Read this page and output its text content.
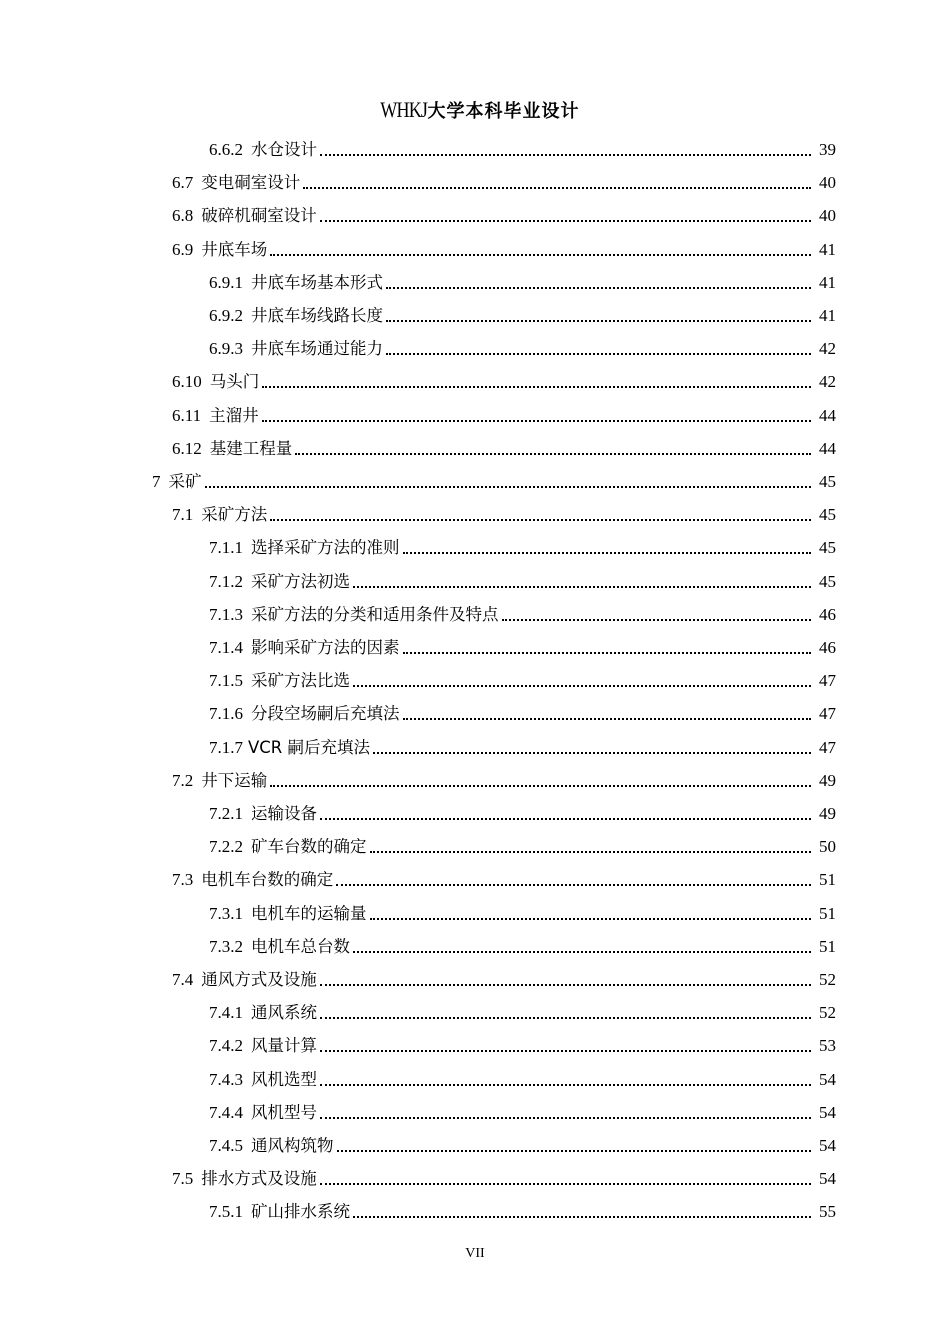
WHKJ大学本科毕业设计
6.6.2 水仓设计	39
6.7 变电硐室设计	40
6.8 破碎机硐室设计	40
6.9 井底车场	41
6.9.1 井底车场基本形式	41
6.9.2 井底车场线路长度	41
6.9.3 井底车场通过能力	42
6.10 马头门	42
6.11 主溜井	44
6.12 基建工程量	44
7 采矿	45
7.1 采矿方法	45
7.1.1 选择采矿方法的准则	45
7.1.2 采矿方法初选	45
7.1.3 采矿方法的分类和适用条件及特点	46
7.1.4 影响采矿方法的因素	46
7.1.5 采矿方法比选	47
7.1.6 分段空场嗣后充填法	47
7.1.7 VCR 嗣后充填法	47
7.2 井下运输	49
7.2.1 运输设备	49
7.2.2 矿车台数的确定	50
7.3 电机车台数的确定	51
7.3.1 电机车的运输量	51
7.3.2 电机车总台数	51
7.4 通风方式及设施	52
7.4.1 通风系统	52
7.4.2 风量计算	53
7.4.3 风机选型	54
7.4.4 风机型号	54
7.4.5 通风构筑物	54
7.5 排水方式及设施	54
7.5.1 矿山排水系统	55
VII
